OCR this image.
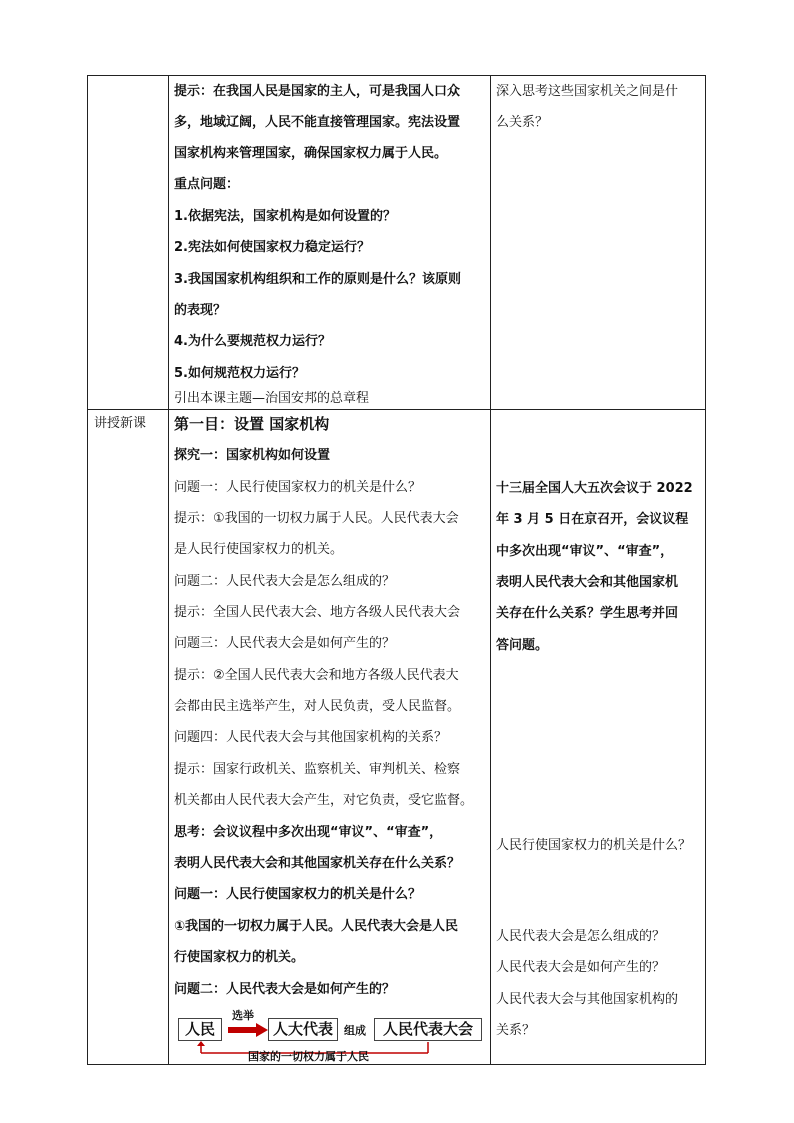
提示：在我国人民是国家的主人，可是我国人口众
多，地域辽阔，人民不能直接管理国家。宪法设置
国家机构来管理国家，确保国家权力属于人民。
重点问题：
1.依据宪法，国家机构是如何设置的？
2.宪法如何使国家权力稳定运行？
3.我国国家机构组织和工作的原则是什么？该原则
的表现？
4.为什么要规范权力运行？
5.如何规范权力运行？
引出本课主题—治国安邦的总章程
深入思考这些国家机关之间是什
么关系？
讲授新课 第一目：设置 国家机构
探究一：国家机构如何设置
问题一：人民行使国家权力的机关是什么？
提示：①我国的一切权力属于人民。人民代表大会
是人民行使国家权力的机关。
问题二：人民代表大会是怎么组成的？
提示：全国人民代表大会、地方各级人民代表大会
问题三：人民代表大会是如何产生的？
提示：②全国人民代表大会和地方各级人民代表大
会都由民主选举产生，对人民负责，受人民监督。
问题四：人民代表大会与其他国家机构的关系？
提示：国家行政机关、监察机关、审判机关、检察
机关都由人民代表大会产生，对它负责，受它监督。
思考：会议议程中多次出现“审议”、“审查”，
表明人民代表大会和其他国家机关存在什么关系？
问题一：人民行使国家权力的机关是什么？
①我国的一切权力属于人民。人民代表大会是人民
行使国家权力的机关。
问题二：人民代表大会是如何产生的？
人民
选举
人大代表	组成	人民代表大会
国家的一切权力属于人民
十三届全国人大五次会议于 2022
年 3 月 5 日在京召开，会议议程
中多次出现“审议”、“审查”，
表明人民代表大会和其他国家机
关存在什么关系？学生思考并回
答问题。
人民行使国家权力的机关是什么？
人民代表大会是怎么组成的？
人民代表大会是如何产生的？
人民代表大会与其他国家机构的
关系？
